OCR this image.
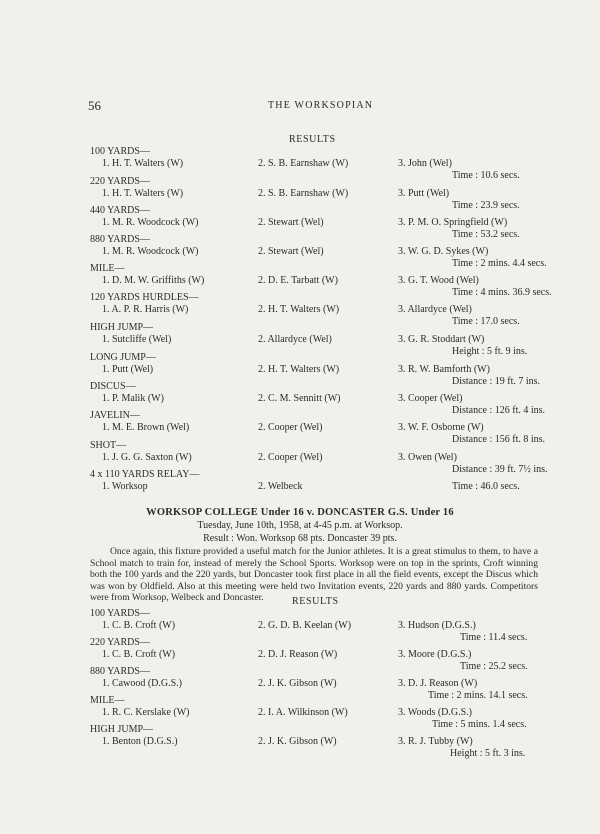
56	THE WORKSOPIAN
RESULTS
100 YARDS—
1. H. T. Walters (W)	2. S. B. Earnshaw (W)	3. John (Wel)
Time : 10.6 secs.
220 YARDS—
1. H. T. Walters (W)	2. S. B. Earnshaw (W)	3. Putt (Wel)
Time : 23.9 secs.
440 YARDS—
1. M. R. Woodcock (W)	2. Stewart (Wel)	3. P. M. O. Springfield (W)
Time : 53.2 secs.
880 YARDS—
1. M. R. Woodcock (W)	2. Stewart (Wel)	3. W. G. D. Sykes (W)
Time : 2 mins. 4.4 secs.
MILE—
1. D. M. W. Griffiths (W)	2. D. E. Tarbatt (W)	3. G. T. Wood (Wel)
Time : 4 mins. 36.9 secs.
120 YARDS HURDLES—
1. A. P. R. Harris (W)	2. H. T. Walters (W)	3. Allardyce (Wel)
Time : 17.0 secs.
HIGH JUMP—
1. Sutcliffe (Wel)	2. Allardyce (Wel)	3. G. R. Stoddart (W)
Height : 5 ft. 9 ins.
LONG JUMP—
1. Putt (Wel)	2. H. T. Walters (W)	3. R. W. Bamforth (W)
Distance : 19 ft. 7 ins.
DISCUS—
1. P. Malik (W)	2. C. M. Sennitt (W)	3. Cooper (Wel)
Distance : 126 ft. 4 ins.
JAVELIN—
1. M. E. Brown (Wel)	2. Cooper (Wel)	3. W. F. Osborne (W)
Distance : 156 ft. 8 ins.
SHOT—
1. J. G. G. Saxton (W)	2. Cooper (Wel)	3. Owen (Wel)
Distance : 39 ft. 7½ ins.
4 x 110 YARDS RELAY—
1. Worksop	2. Welbeck	Time : 46.0 secs.
WORKSOP COLLEGE Under 16 v. DONCASTER G.S. Under 16
Tuesday, June 10th, 1958, at 4-45 p.m. at Worksop.
Result : Won. Worksop 68 pts. Doncaster 39 pts.

Once again, this fixture provided a useful match for the Junior athletes. It is a great stimulus to them, to have a School match to train for, instead of merely the School Sports. Worksop were on top in the sprints, Croft winning both the 100 yards and the 220 yards, but Doncaster took first place in all the field events, except the Discus which was won by Oldfield. Also at this meeting were held two Invitation events, 220 yards and 880 yards. Competitors were from Worksop, Welbeck and Doncaster.	RESULTS
100 YARDS—
1. C. B. Croft (W)	2. G. D. B. Keelan (W)	3. Hudson (D.G.S.)
Time : 11.4 secs.
220 YARDS—
1. C. B. Croft (W)	2. D. J. Reason (W)	3. Moore (D.G.S.)
Time : 25.2 secs.
880 YARDS—
1. Cawood (D.G.S.)	2. J. K. Gibson (W)	3. D. J. Reason (W)
Time : 2 mins. 14.1 secs.
MILE—
1. R. C. Kerslake (W)	2. I. A. Wilkinson (W)	3. Woods (D.G.S.)
Time : 5 mins. 1.4 secs.
HIGH JUMP—
1. Benton (D.G.S.)	2. J. K. Gibson (W)	3. R. J. Tubby (W)
Height : 5 ft. 3 ins.
